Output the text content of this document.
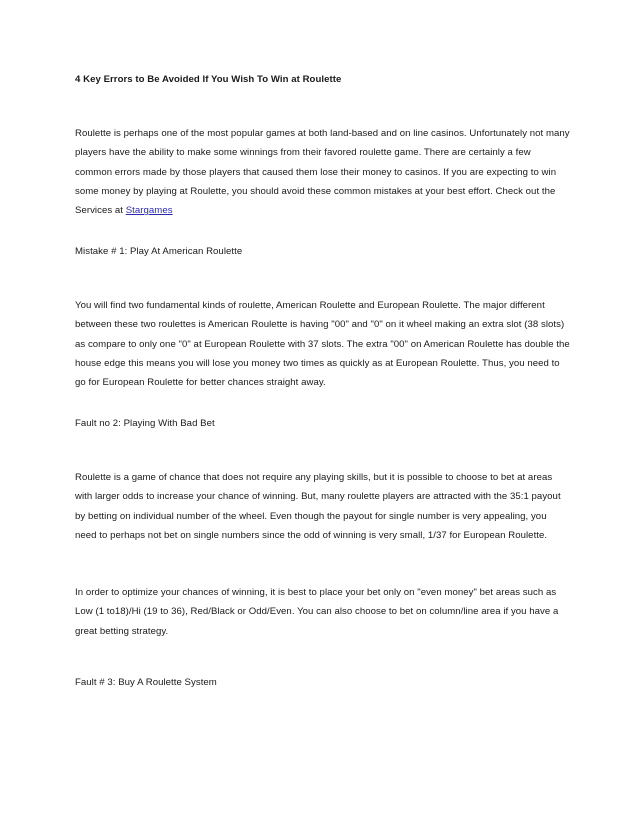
4 Key Errors to Be Avoided If You Wish To Win at Roulette

Roulette is perhaps one of the most popular games at both land-based and on line casinos. Unfortunately not many players have the ability to make some winnings from their favored roulette game. There are certainly a few common errors made by those players that caused them lose their money to casinos. If you are expecting to win some money by playing at Roulette, you should avoid these common mistakes at your best effort. Check out the Services at Stargames

Mistake # 1: Play At American Roulette

You will find two fundamental kinds of roulette, American Roulette and European Roulette. The major different between these two roulettes is American Roulette is having "00" and "0" on it wheel making an extra slot (38 slots) as compare to only one "0" at European Roulette with 37 slots. The extra "00" on American Roulette has double the house edge this means you will lose you money two times as quickly as at European Roulette. Thus, you need to go for European Roulette for better chances straight away.

Fault no 2: Playing With Bad Bet

Roulette is a game of chance that does not require any playing skills, but it is possible to choose to bet at areas with larger odds to increase your chance of winning. But, many roulette players are attracted with the 35:1 payout by betting on individual number of the wheel. Even though the payout for single number is very appealing, you need to perhaps not bet on single numbers since the odd of winning is very small, 1/37 for European Roulette.

In order to optimize your chances of winning, it is best to place your bet only on "even money" bet areas such as Low (1 to18)/Hi (19 to 36), Red/Black or Odd/Even. You can also choose to bet on column/line area if you have a great betting strategy.

Fault # 3: Buy A Roulette System
